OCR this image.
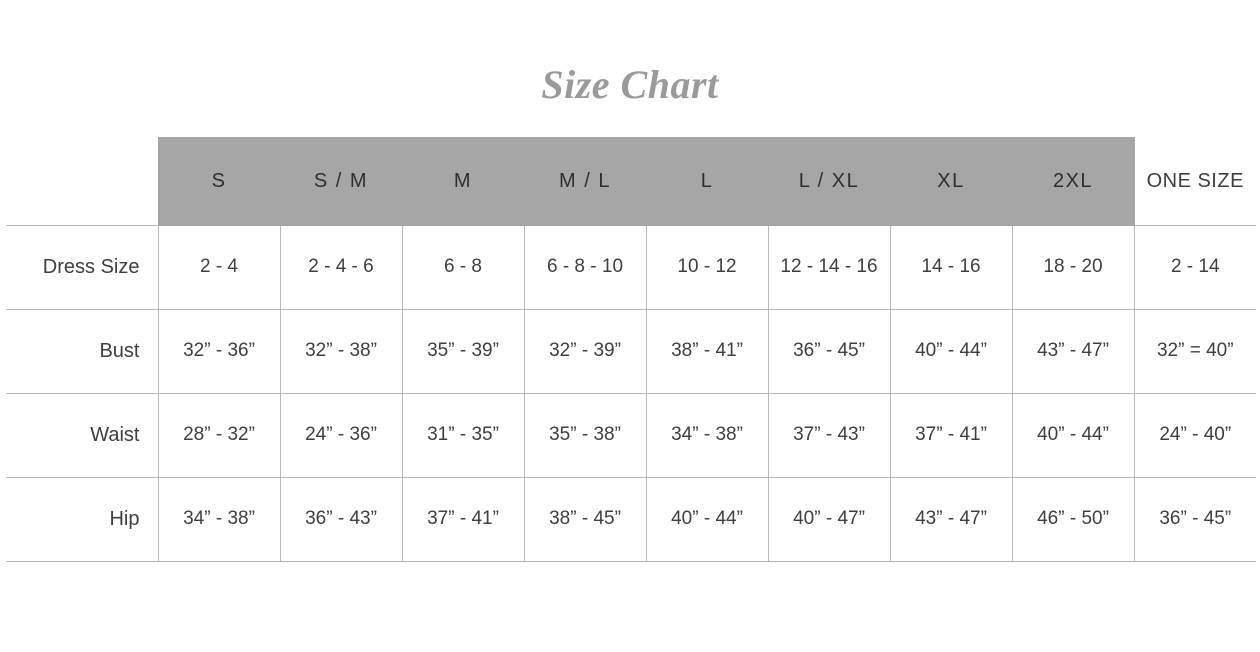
Size Chart
	S	S / M	M	M / L	L	L / XL	XL	2XL	ONE SIZE
Dress Size	2 - 4	2 - 4 - 6	6 - 8	6 - 8 - 10	10 - 12	12 - 14 - 16	14 - 16	18 - 20	2 - 14
Bust	32” - 36”	32” - 38”	35” - 39”	32” - 39”	38” - 41”	36” - 45”	40” - 44”	43” - 47”	32” = 40”
Waist	28” - 32”	24” - 36”	31” - 35”	35” - 38”	34” - 38”	37” - 43”	37” - 41”	40” - 44”	24” - 40”
Hip	34” - 38”	36” - 43”	37” - 41”	38” - 45”	40” - 44”	40” - 47”	43” - 47”	46” - 50”	36” - 45”
